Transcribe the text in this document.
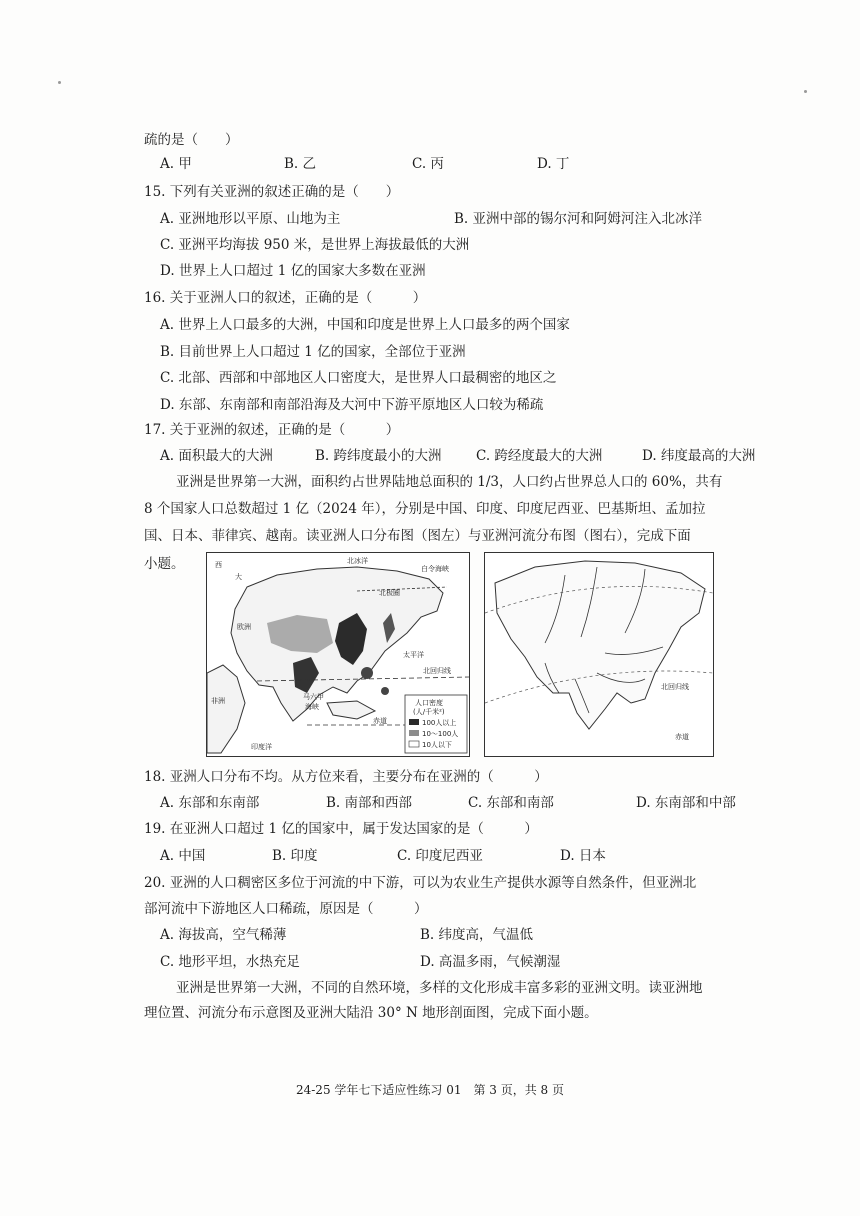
疏的是（　　）
A. 甲	B. 乙	C. 丙	D. 丁
15. 下列有关亚洲的叙述正确的是（　　）
A. 亚洲地形以平原、山地为主	B. 亚洲中部的锡尔河和阿姆河注入北冰洋
C. 亚洲平均海拔 950 米，是世界上海拔最低的大洲
D. 世界上人口超过 1 亿的国家大多数在亚洲
16. 关于亚洲人口的叙述，正确的是（　　　）
A. 世界上人口最多的大洲，中国和印度是世界上人口最多的两个国家
B. 目前世界上人口超过 1 亿的国家，全部位于亚洲
C. 北部、西部和中部地区人口密度大，是世界人口最稠密的地区之
D. 东部、东南部和南部沿海及大河中下游平原地区人口较为稀疏
17. 关于亚洲的叙述，正确的是（　　　）
A. 面积最大的大洲	B. 跨纬度最小的大洲	C. 跨经度最大的大洲	D. 纬度最高的大洲
亚洲是世界第一大洲，面积约占世界陆地总面积的 1/3，人口约占世界总人口的 60%，共有
8 个国家人口总数超过 1 亿（2024 年），分别是中国、印度、印度尼西亚、巴基斯坦、孟加拉
国、日本、菲律宾、越南。读亚洲人口分布图（图左）与亚洲河流分布图（图右），完成下面
小题。	西
大
北冰洋
北极圈
白令海峡
欧洲
太平洋
北回归线
赤道
印度洋
非洲	马六甲
海峡	人口密度
(人/千米²)
100人以上
10～100人
10人以下
北回归线
赤道
18. 亚洲人口分布不均。从方位来看，主要分布在亚洲的（　　　）
A. 东部和东南部	B. 南部和西部	C. 东部和南部	D. 东南部和中部
19. 在亚洲人口超过 1 亿的国家中，属于发达国家的是（　　　）
A. 中国	B. 印度	C. 印度尼西亚	D. 日本
20. 亚洲的人口稠密区多位于河流的中下游，可以为农业生产提供水源等自然条件，但亚洲北
部河流中下游地区人口稀疏，原因是（　　　）
A. 海拔高，空气稀薄	B. 纬度高，气温低
C. 地形平坦，水热充足	D. 高温多雨，气候潮湿
亚洲是世界第一大洲，不同的自然环境，多样的文化形成丰富多彩的亚洲文明。读亚洲地
理位置、河流分布示意图及亚洲大陆沿 30° N 地形剖面图，完成下面小题。
24-25 学年七下适应性练习 01　第 3 页，共 8 页
